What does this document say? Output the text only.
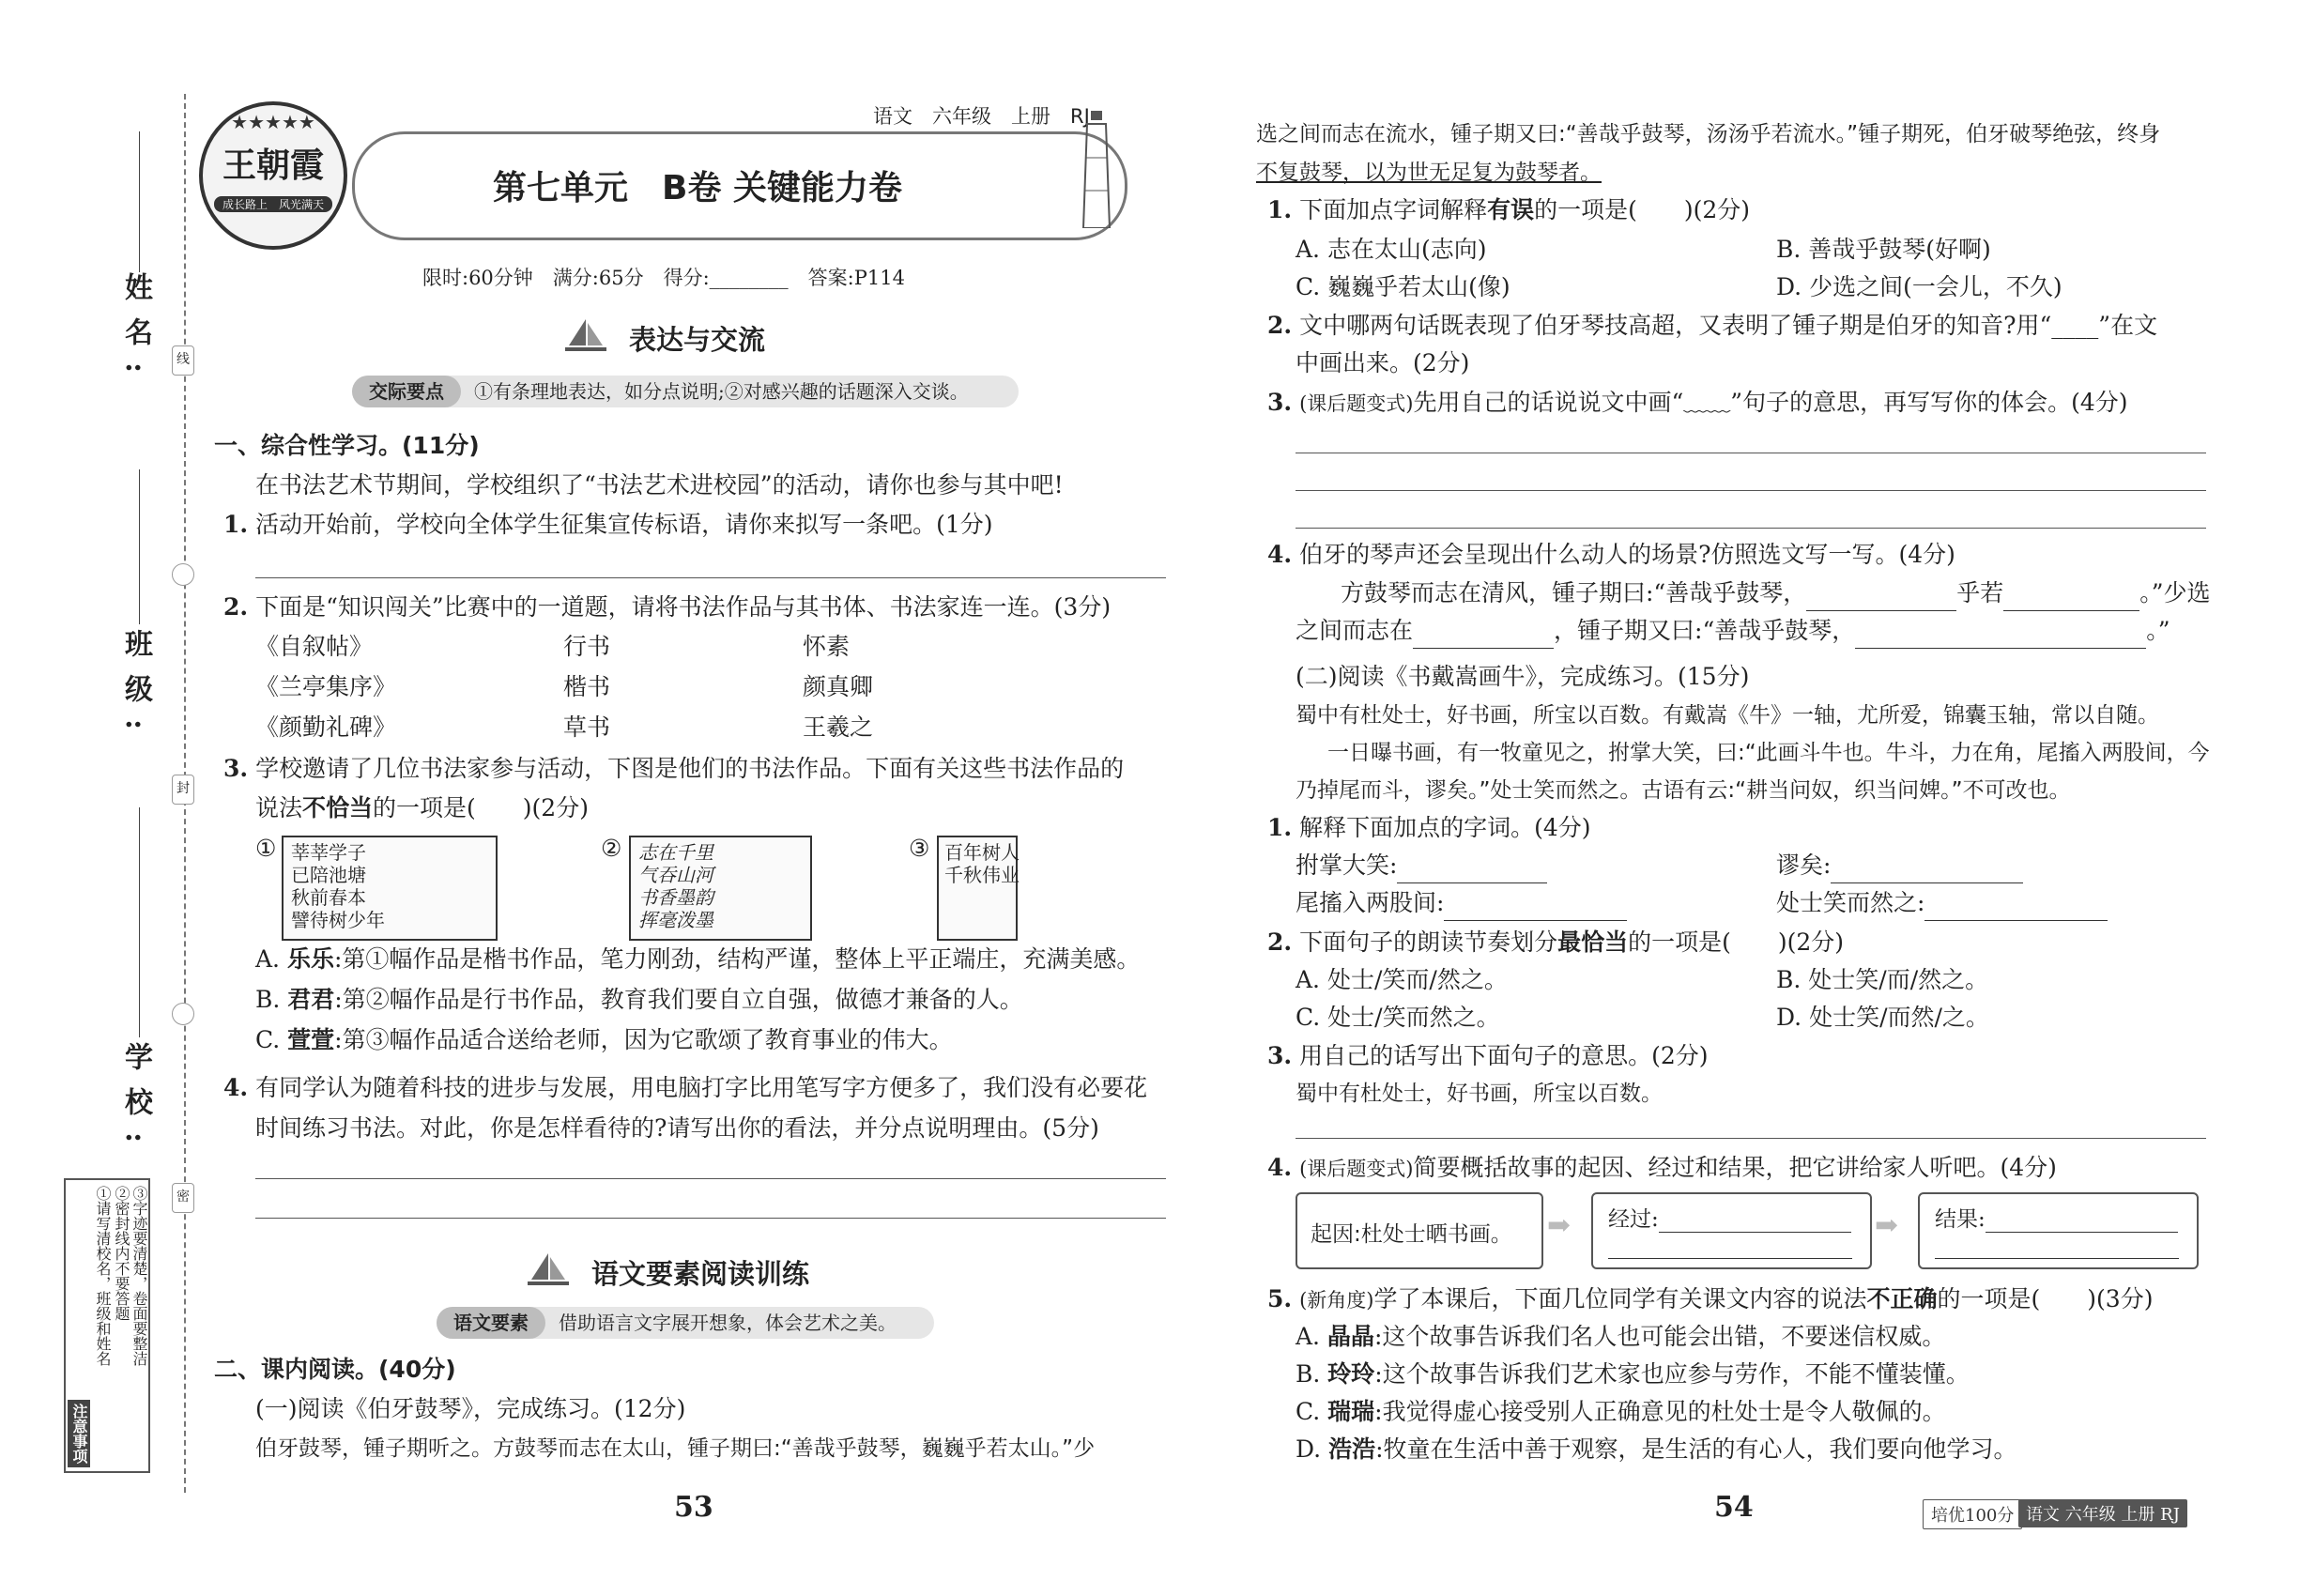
姓名:
班级:
学校:
线
封
密
注意事项
①请写清校名，班级和姓名 ②密封线内不要答题 ③字迹要清楚，卷面要整洁
★★★★★
王朝霞
成长路上　风光满天
语文　六年级　上册　RJ
第七单元　B卷 关键能力卷
限时:60分钟　满分:65分　得分:________　答案:P114
表达与交流
交际要点 ①有条理地表达，如分点说明;②对感兴趣的话题深入交谈。
一、综合性学习。(11分)
在书法艺术节期间，学校组织了“书法艺术进校园”的活动，请你也参与其中吧!
1. 活动开始前，学校向全体学生征集宣传标语，请你来拟写一条吧。(1分)
2. 下面是“知识闯关”比赛中的一道题，请将书法作品与其书体、书法家连一连。(3分)
《自叙帖》	行书	怀素
《兰亭集序》	楷书	颜真卿
《颜勤礼碑》	草书	王羲之
3. 学校邀请了几位书法家参与活动，下图是他们的书法作品。下面有关这些书法作品的
说法不恰当的一项是(　　)(2分)
① 莘莘学子
已陪池塘
秋前春本
譬待树少年
② 志在千里
气吞山河
书香墨韵
挥毫泼墨
③ 百年树人
千秋伟业
A. 乐乐:第①幅作品是楷书作品，笔力刚劲，结构严谨，整体上平正端庄，充满美感。
B. 君君:第②幅作品是行书作品，教育我们要自立自强，做德才兼备的人。
C. 萱萱:第③幅作品适合送给老师，因为它歌颂了教育事业的伟大。
4. 有同学认为随着科技的进步与发展，用电脑打字比用笔写字方便多了，我们没有必要花
时间练习书法。对此，你是怎样看待的?请写出你的看法，并分点说明理由。(5分)
语文要素阅读训练
语文要素 借助语言文字展开想象，体会艺术之美。
二、课内阅读。(40分)
(一)阅读《伯牙鼓琴》，完成练习。(12分)
伯牙鼓琴，锺子期听之。方鼓琴而志在太山，锺子期曰:“善哉乎鼓琴，巍巍乎若太山。”少
53
选之间而志在流水，锺子期又曰:“善哉乎鼓琴，汤汤乎若流水。”锺子期死，伯牙破琴绝弦，终身
不复鼓琴，以为世无足复为鼓琴者。
1. 下面加点字词解释有误的一项是(　　)(2分)
A. 志在太山(志向)	B. 善哉乎鼓琴(好啊)
C. 巍巍乎若太山(像)	D. 少选之间(一会儿，不久)
2. 文中哪两句话既表现了伯牙琴技高超，又表明了锺子期是伯牙的知音?用“____”在文
中画出来。(2分)
3. (课后题变式)先用自己的话说说文中画“﹏﹏”句子的意思，再写写你的体会。(4分)
4. 伯牙的琴声还会呈现出什么动人的场景?仿照选文写一写。(4分)
方鼓琴而志在清风，锺子期曰:“善哉乎鼓琴，	乎若	。”少选
之间而志在	，锺子期又曰:“善哉乎鼓琴，	。”
(二)阅读《书戴嵩画牛》，完成练习。(15分)
蜀中有杜处士，好书画，所宝以百数。有戴嵩《牛》一轴，尤所爱，锦囊玉轴，常以自随。
一日曝书画，有一牧童见之，拊掌大笑，曰:“此画斗牛也。牛斗，力在角，尾搐入两股间，今
乃掉尾而斗，谬矣。”处士笑而然之。古语有云:“耕当问奴，织当问婢。”不可改也。
1. 解释下面加点的字词。(4分)
拊掌大笑:	谬矣:
尾搐入两股间:	处士笑而然之:
2. 下面句子的朗读节奏划分最恰当的一项是(　　)(2分)
A. 处士/笑而/然之。	B. 处士笑/而/然之。
C. 处士/笑而然之。	D. 处士笑/而然/之。
3. 用自己的话写出下面句子的意思。(2分)
蜀中有杜处士，好书画，所宝以百数。
4. (课后题变式)简要概括故事的起因、经过和结果，把它讲给家人听吧。(4分)
起因:杜处士晒书画。 ➡ 经过:	➡ 结果:
5. (新角度)学了本课后，下面几位同学有关课文内容的说法不正确的一项是(　　)(3分)
A. 晶晶:这个故事告诉我们名人也可能会出错，不要迷信权威。
B. 玲玲:这个故事告诉我们艺术家也应参与劳作，不能不懂装懂。
C. 瑞瑞:我觉得虚心接受别人正确意见的杜处士是令人敬佩的。
D. 浩浩:牧童在生活中善于观察，是生活的有心人，我们要向他学习。
54	培优100分 语文 六年级 上册 RJ
